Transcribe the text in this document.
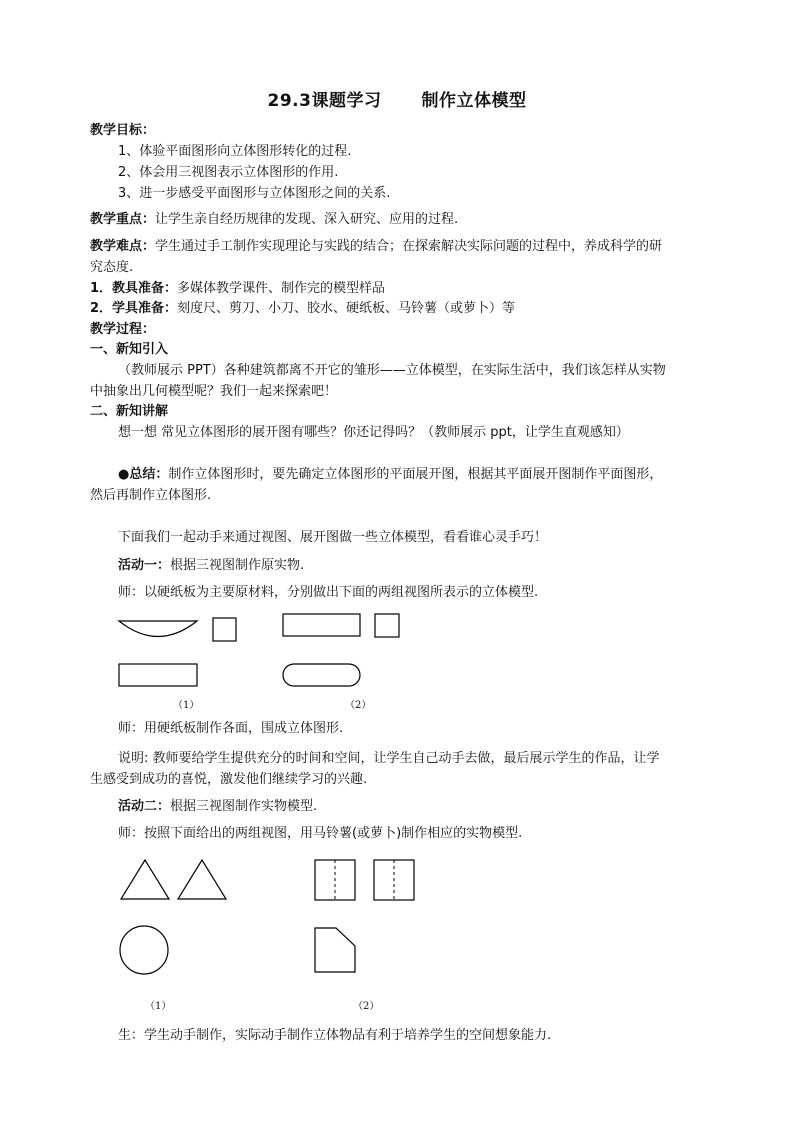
29.3课题学习 制作立体模型
教学目标：
1、体验平面图形向立体图形转化的过程.
2、体会用三视图表示立体图形的作用.
3、进一步感受平面图形与立体图形之间的关系.
教学重点：让学生亲自经历规律的发现、深入研究、应用的过程.
教学难点：学生通过手工制作实现理论与实践的结合；在探索解决实际问题的过程中，养成科学的研
究态度.
1．教具准备：多媒体教学课件、制作完的模型样品
2．学具准备：刻度尺、剪刀、小刀、胶水、硬纸板、马铃薯（或萝卜）等
教学过程：
一、新知引入
（教师展示 PPT）各种建筑都离不开它的雏形——立体模型，在实际生活中，我们该怎样从实物
中抽象出几何模型呢？我们一起来探索吧！
二、新知讲解
想一想 常见立体图形的展开图有哪些？你还记得吗？（教师展示 ppt，让学生直观感知）
●总结：制作立体图形时，要先确定立体图形的平面展开图，根据其平面展开图制作平面图形，
然后再制作立体图形.
下面我们一起动手来通过视图、展开图做一些立体模型，看看谁心灵手巧！
活动一：根据三视图制作原实物.
师：以硬纸板为主要原材料，分别做出下面的两组视图所表示的立体模型.
（1）	（2）
师：用硬纸板制作各面，围成立体图形.
说明: 教师要给学生提供充分的时间和空间，让学生自己动手去做，最后展示学生的作品，让学
生感受到成功的喜悦，激发他们继续学习的兴趣.
活动二：根据三视图制作实物模型.
师：按照下面给出的两组视图，用马铃薯(或萝卜)制作相应的实物模型.
（1）	（2）
生：学生动手制作，实际动手制作立体物品有利于培养学生的空间想象能力.
